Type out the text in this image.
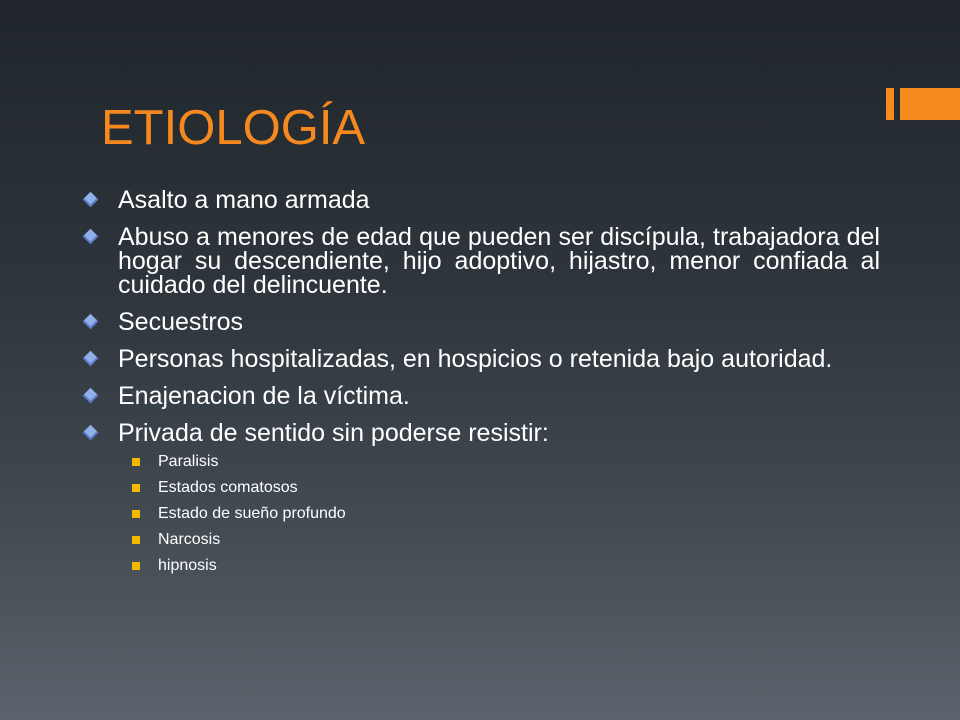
ETIOLOGÍA
Asalto a mano armada
Abuso a menores de edad que pueden ser discípula, trabajadora del hogar su descendiente, hijo adoptivo, hijastro, menor confiada al cuidado del delincuente.
Secuestros
Personas hospitalizadas, en hospicios o retenida bajo autoridad.
Enajenacion de la víctima.
Privada de sentido sin poderse resistir:
Paralisis
Estados comatosos
Estado de sueño profundo
Narcosis
hipnosis
